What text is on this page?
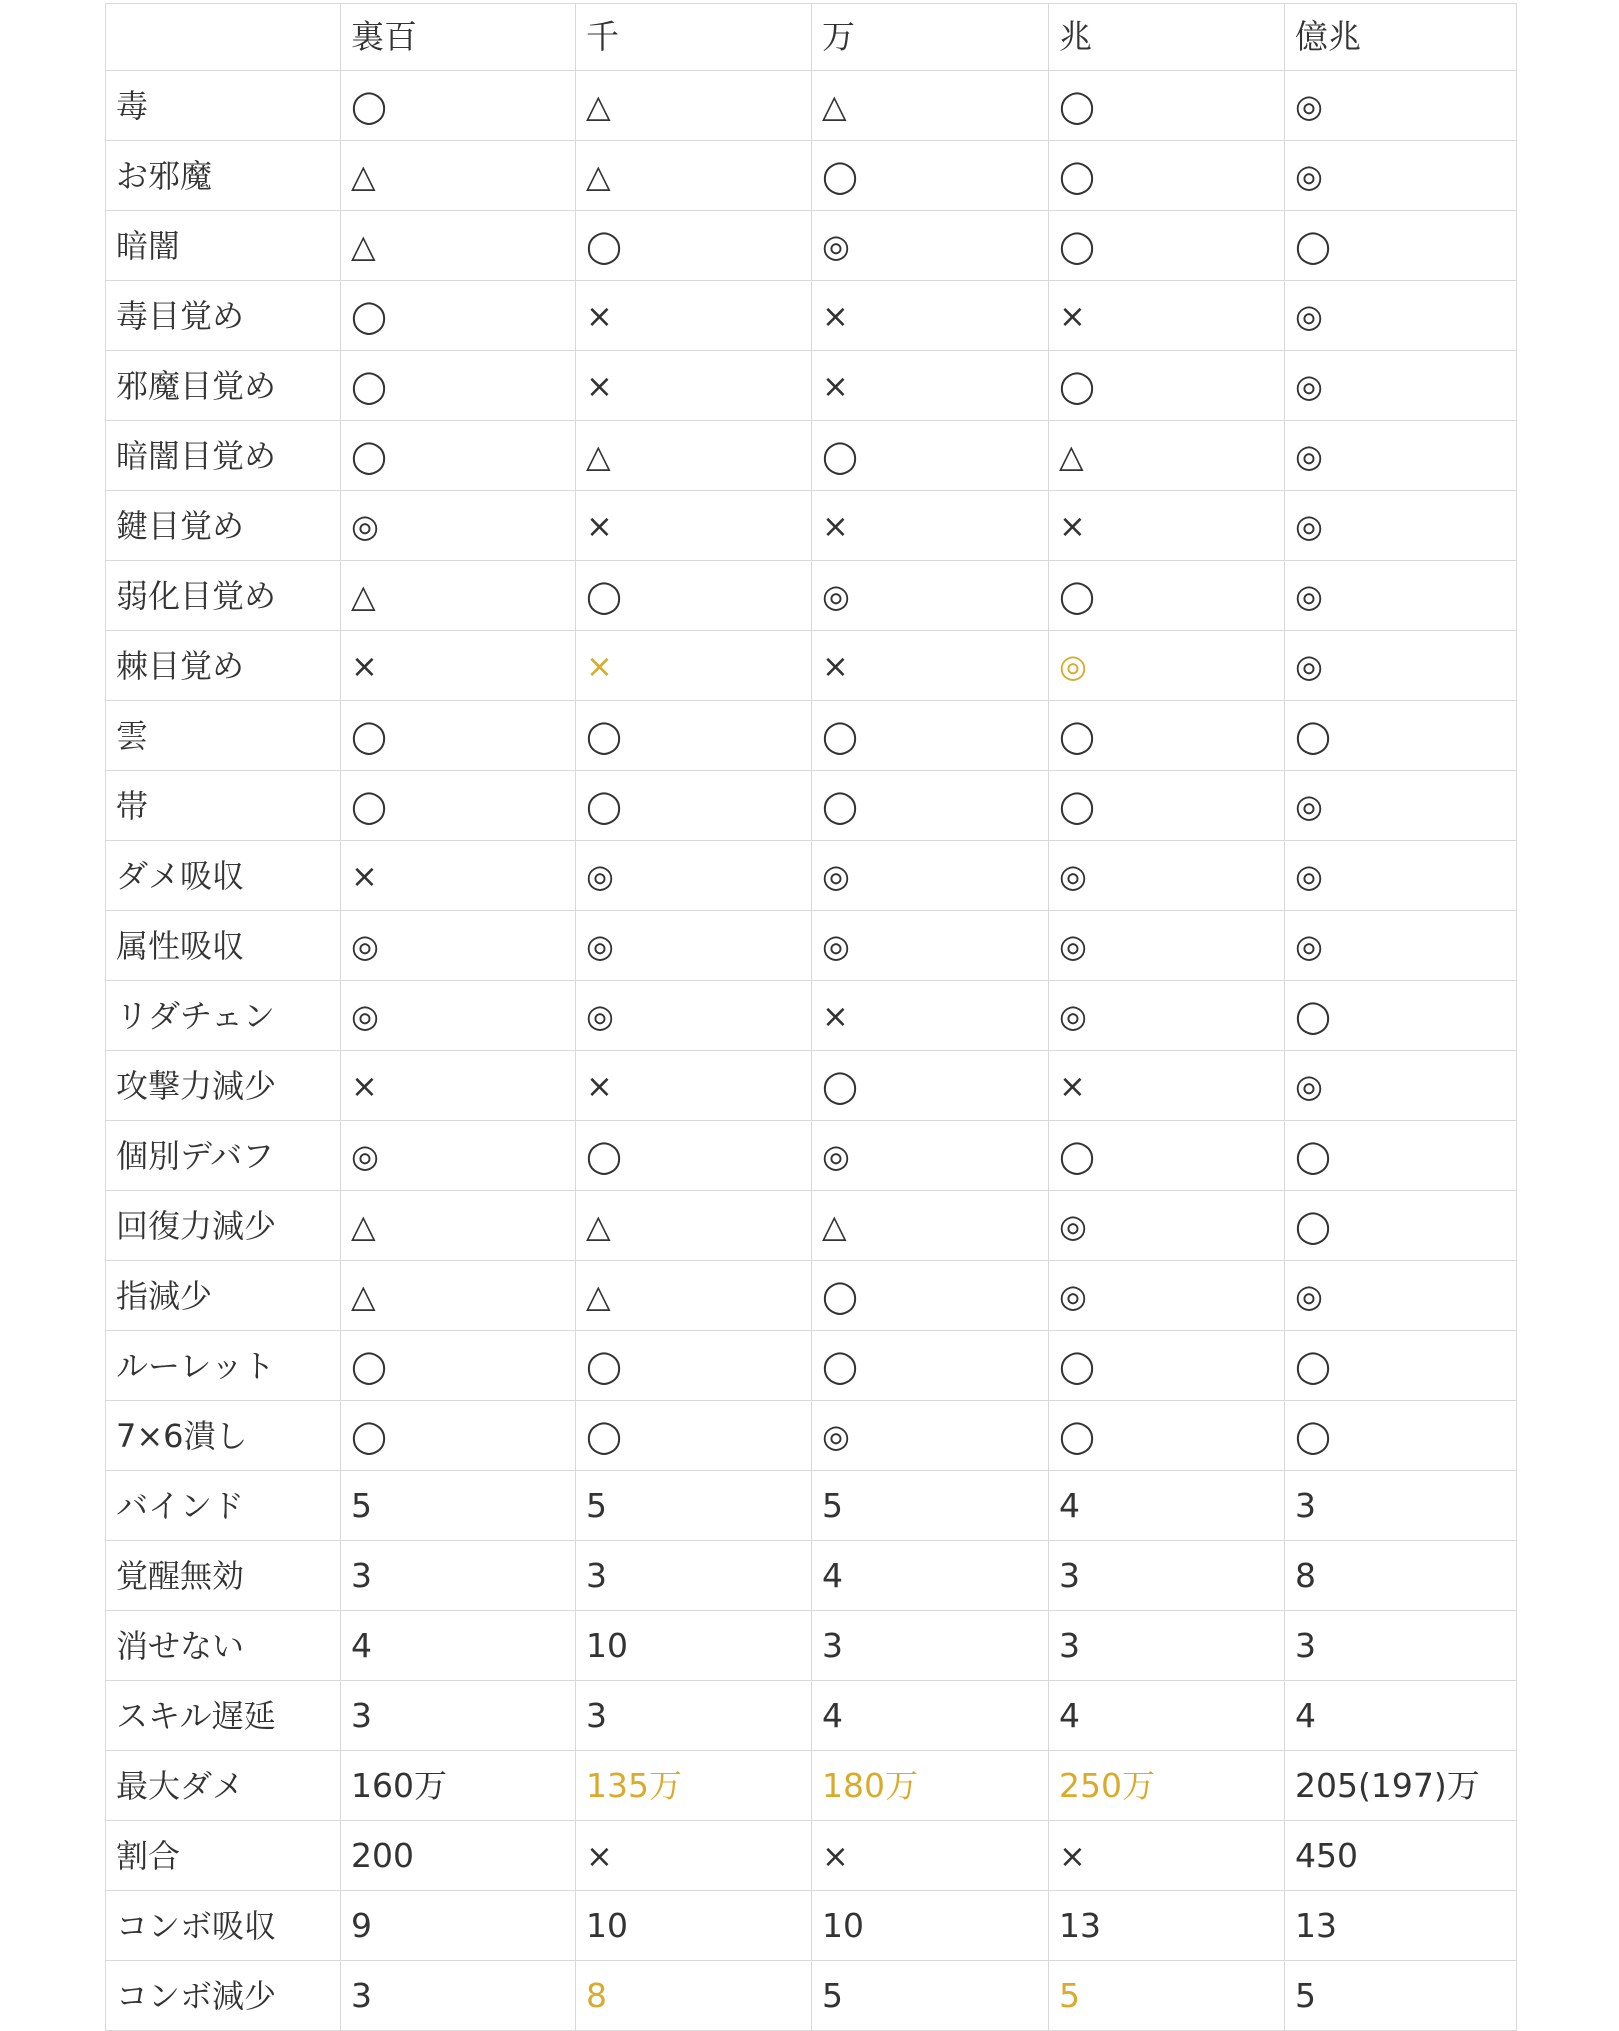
	裏百	千	万	兆	億兆
毒	◯	△	△	◯	◎
お邪魔	△	△	◯	◯	◎
暗闇	△	◯	◎	◯	◯
毒目覚め	◯	×	×	×	◎
邪魔目覚め	◯	×	×	◯	◎
暗闇目覚め	◯	△	◯	△	◎
鍵目覚め	◎	×	×	×	◎
弱化目覚め	△	◯	◎	◯	◎
棘目覚め	×	×	×	◎	◎
雲	◯	◯	◯	◯	◯
帯	◯	◯	◯	◯	◎
ダメ吸収	×	◎	◎	◎	◎
属性吸収	◎	◎	◎	◎	◎
リダチェン	◎	◎	×	◎	◯
攻撃力減少	×	×	◯	×	◎
個別デバフ	◎	◯	◎	◯	◯
回復力減少	△	△	△	◎	◯
指減少	△	△	◯	◎	◎
ルーレット	◯	◯	◯	◯	◯
7×6潰し	◯	◯	◎	◯	◯
バインド	5	5	5	4	3
覚醒無効	3	3	4	3	8
消せない	4	10	3	3	3
スキル遅延	3	3	4	4	4
最大ダメ	160万	135万	180万	250万	205(197)万
割合	200	×	×	×	450
コンボ吸収	9	10	10	13	13
コンボ減少	3	8	5	5	5
